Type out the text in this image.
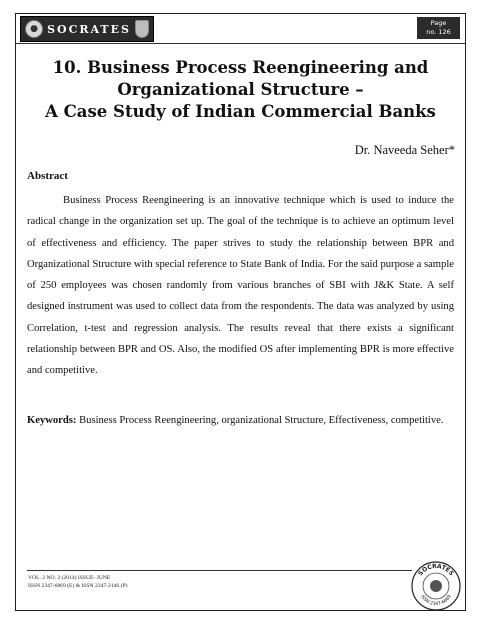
● SOCRATES	Page
no. 126
10. Business Process Reengineering and
Organizational Structure –
A Case Study of Indian Commercial Banks
Dr. Naveeda Seher*
Abstract

Business Process Reengineering is an innovative technique which is used to induce the radical change in the organization set up. The goal of the technique is to achieve an optimum level of effectiveness and efficiency. The paper strives to study the relationship between BPR and Organizational Structure with special reference to State Bank of India. For the said purpose a sample of 250 employees was chosen randomly from various branches of SBI with J&K State. A self designed instrument was used to collect data from the respondents. The data was analyzed by using Correlation, t-test and regression analysis. The results reveal that there exists a significant relationship between BPR and OS. Also, the modified OS after implementing BPR is more effective and competitive.

Keywords: Business Process Reengineering, organizational Structure, Effectiveness, competitive.

VOL. 2 NO. 2 (2014) ISSUE- JUNE
ISSN 2347-6869 (E) & ISSN 2347-2146 (P)
SOCRATES
ISSN 2347-6869
